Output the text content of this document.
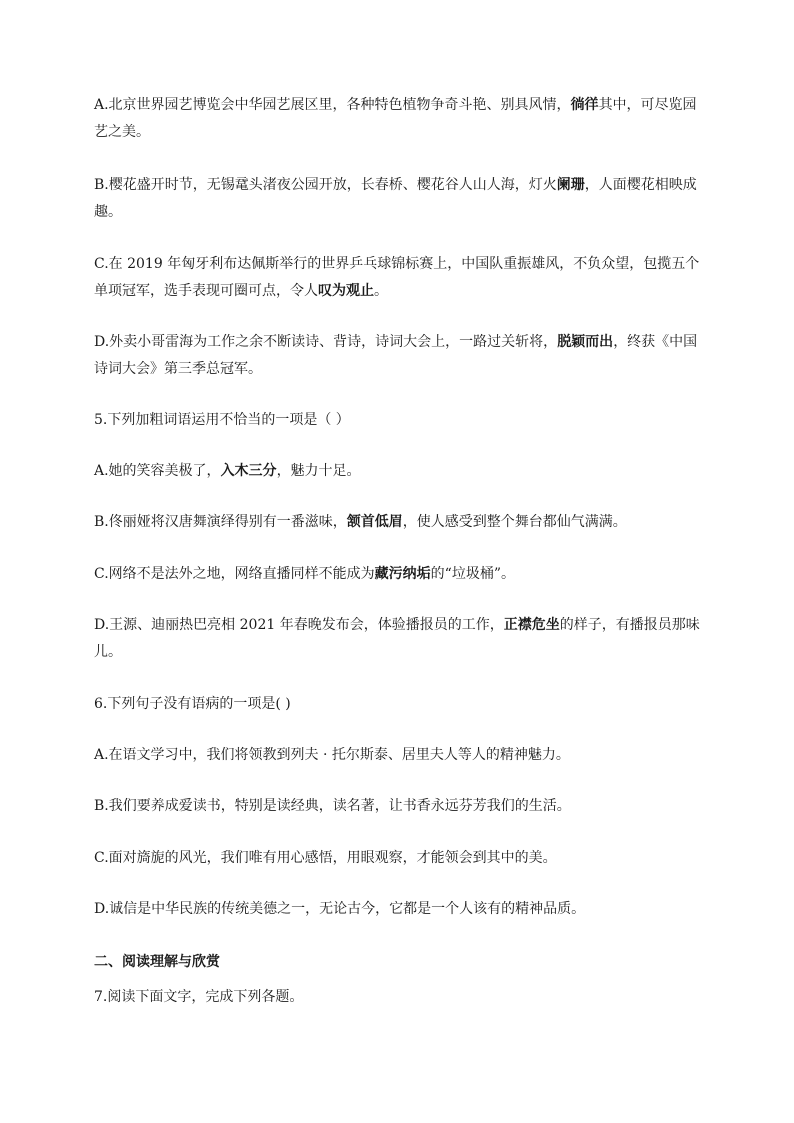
A.北京世界园艺博览会中华园艺展区里，各种特色植物争奇斗艳、别具风情，徜徉其中，可尽览园艺之美。

B.樱花盛开时节，无锡鼋头渚夜公园开放，长春桥、樱花谷人山人海，灯火阑珊，人面樱花相映成趣。

C.在 2019 年匈牙利布达佩斯举行的世界乒乓球锦标赛上，中国队重振雄风，不负众望，包揽五个单项冠军，选手表现可圈可点，令人叹为观止。

D.外卖小哥雷海为工作之余不断读诗、背诗，诗词大会上，一路过关斩将，脱颖而出，终获《中国诗词大会》第三季总冠军。

5.下列加粗词语运用不恰当的一项是（ ）

A.她的笑容美极了，入木三分，魅力十足。

B.佟丽娅将汉唐舞演绎得别有一番滋味，颔首低眉，使人感受到整个舞台都仙气满满。

C.网络不是法外之地，网络直播同样不能成为藏污纳垢的“垃圾桶”。

D.王源、迪丽热巴亮相 2021 年春晚发布会，体验播报员的工作，正襟危坐的样子，有播报员那味儿。

6.下列句子没有语病的一项是( )

A.在语文学习中，我们将领教到列夫 · 托尔斯泰、居里夫人等人的精神魅力。

B.我们要养成爱读书，特别是读经典，读名著，让书香永远芬芳我们的生活。

C.面对旖旎的风光，我们唯有用心感悟，用眼观察，才能领会到其中的美。

D.诚信是中华民族的传统美德之一，无论古今，它都是一个人该有的精神品质。

二、阅读理解与欣赏

7.阅读下面文字，完成下列各题。
